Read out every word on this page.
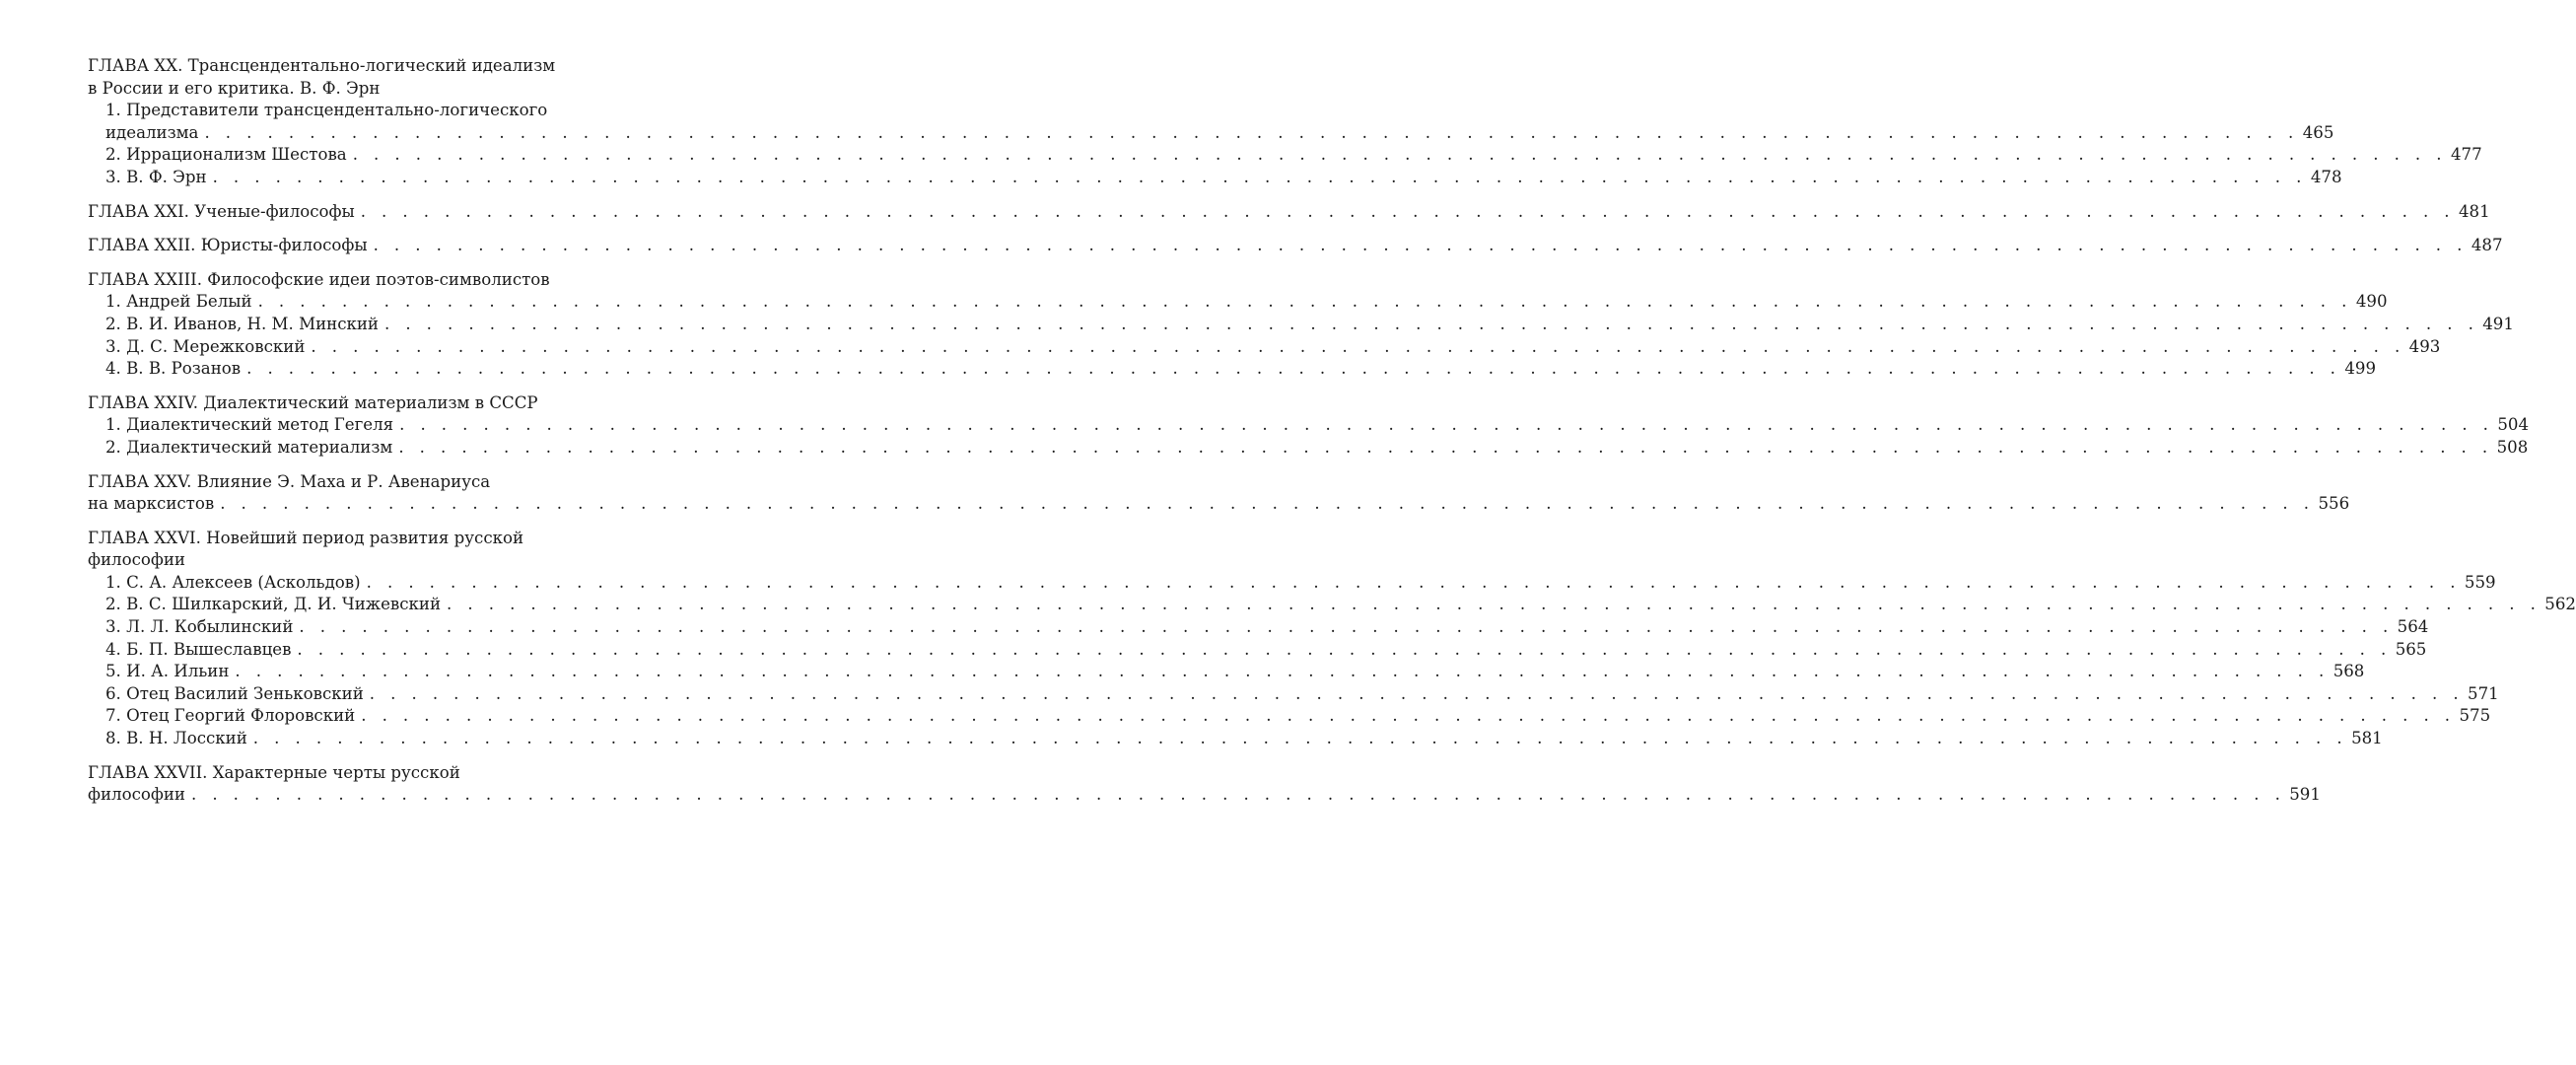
ГЛАВА XX. Трансцендентально-логический идеализм
в России и его критика. В. Ф. Эрн
1. Представители трансцендентально-логического
идеализма . . .	465
2. Иррационализм Шестова . . .	477
3. В. Ф. Эрн . . .	478
ГЛАВА XXI. Ученые-философы . . .	481
ГЛАВА XXII. Юристы-философы . . .	487
ГЛАВА XXIII. Философские идеи поэтов-символистов
1. Андрей Белый . . .	490
2. В. И. Иванов, Н. М. Минский . . .	491
3. Д. С. Мережковский . . .	493
4. В. В. Розанов . . .	499
ГЛАВА XXIV. Диалектический материализм в СССР
1. Диалектический метод Гегеля . . .	504
2. Диалектический материализм . . .	508
ГЛАВА XXV. Влияние Э. Маха и Р. Авенариуса
на марксистов . . .	556
ГЛАВА XXVI. Новейший период развития русской
философии
1. С. А. Алексеев (Аскольдов) . . .	559
2. В. С. Шилкарский, Д. И. Чижевский . . .	562
3. Л. Л. Кобылинский . . .	564
4. Б. П. Вышеславцев . . .	565
5. И. А. Ильин . . .	568
6. Отец Василий Зеньковский . . .	571
7. Отец Георгий Флоровский . . .	575
8. В. Н. Лосский . . .	581
ГЛАВА XXVII. Характерные черты русской
философии . . .	591
